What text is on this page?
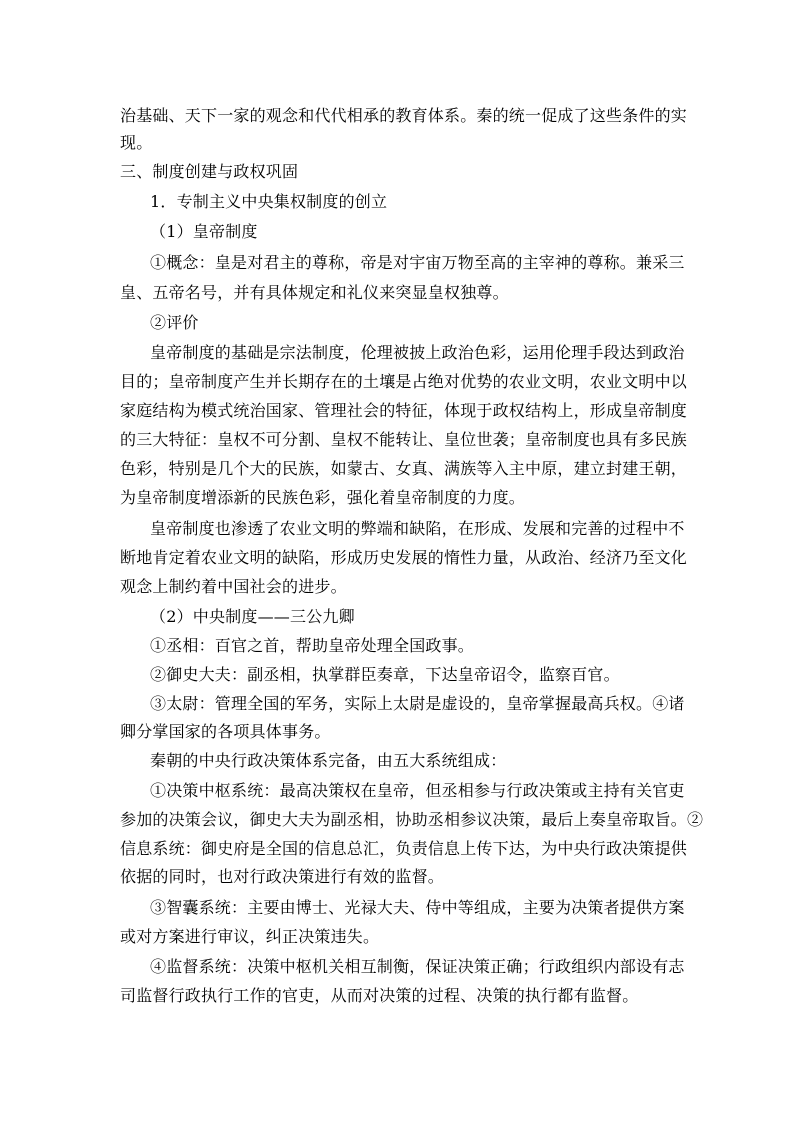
治基础、天下一家的观念和代代相承的教育体系。秦的统一促成了这些条件的实
现。
三、制度创建与政权巩固
1．专制主义中央集权制度的创立
（1）皇帝制度
①概念：皇是对君主的尊称，帝是对宇宙万物至高的主宰神的尊称。兼采三
皇、五帝名号，并有具体规定和礼仪来突显皇权独尊。
②评价
皇帝制度的基础是宗法制度，伦理被披上政治色彩，运用伦理手段达到政治
目的；皇帝制度产生并长期存在的土壤是占绝对优势的农业文明，农业文明中以
家庭结构为模式统治国家、管理社会的特征，体现于政权结构上，形成皇帝制度
的三大特征：皇权不可分割、皇权不能转让、皇位世袭；皇帝制度也具有多民族
色彩，特别是几个大的民族，如蒙古、女真、满族等入主中原，建立封建王朝，
为皇帝制度增添新的民族色彩，强化着皇帝制度的力度。
皇帝制度也渗透了农业文明的弊端和缺陷，在形成、发展和完善的过程中不
断地肯定着农业文明的缺陷，形成历史发展的惰性力量，从政治、经济乃至文化
观念上制约着中国社会的进步。
（2）中央制度——三公九卿
①丞相：百官之首，帮助皇帝处理全国政事。
②御史大夫：副丞相，执掌群臣奏章，下达皇帝诏令，监察百官。
③太尉：管理全国的军务，实际上太尉是虚设的，皇帝掌握最高兵权。④诸
卿分掌国家的各项具体事务。
秦朝的中央行政决策体系完备，由五大系统组成：
①决策中枢系统：最高决策权在皇帝，但丞相参与行政决策或主持有关官吏
参加的决策会议，御史大夫为副丞相，协助丞相参议决策，最后上奏皇帝取旨。②
信息系统：御史府是全国的信息总汇，负责信息上传下达，为中央行政决策提供
依据的同时，也对行政决策进行有效的监督。
③智囊系统：主要由博士、光禄大夫、侍中等组成，主要为决策者提供方案
或对方案进行审议，纠正决策违失。
④监督系统：决策中枢机关相互制衡，保证决策正确；行政组织内部设有志
司监督行政执行工作的官吏，从而对决策的过程、决策的执行都有监督。
